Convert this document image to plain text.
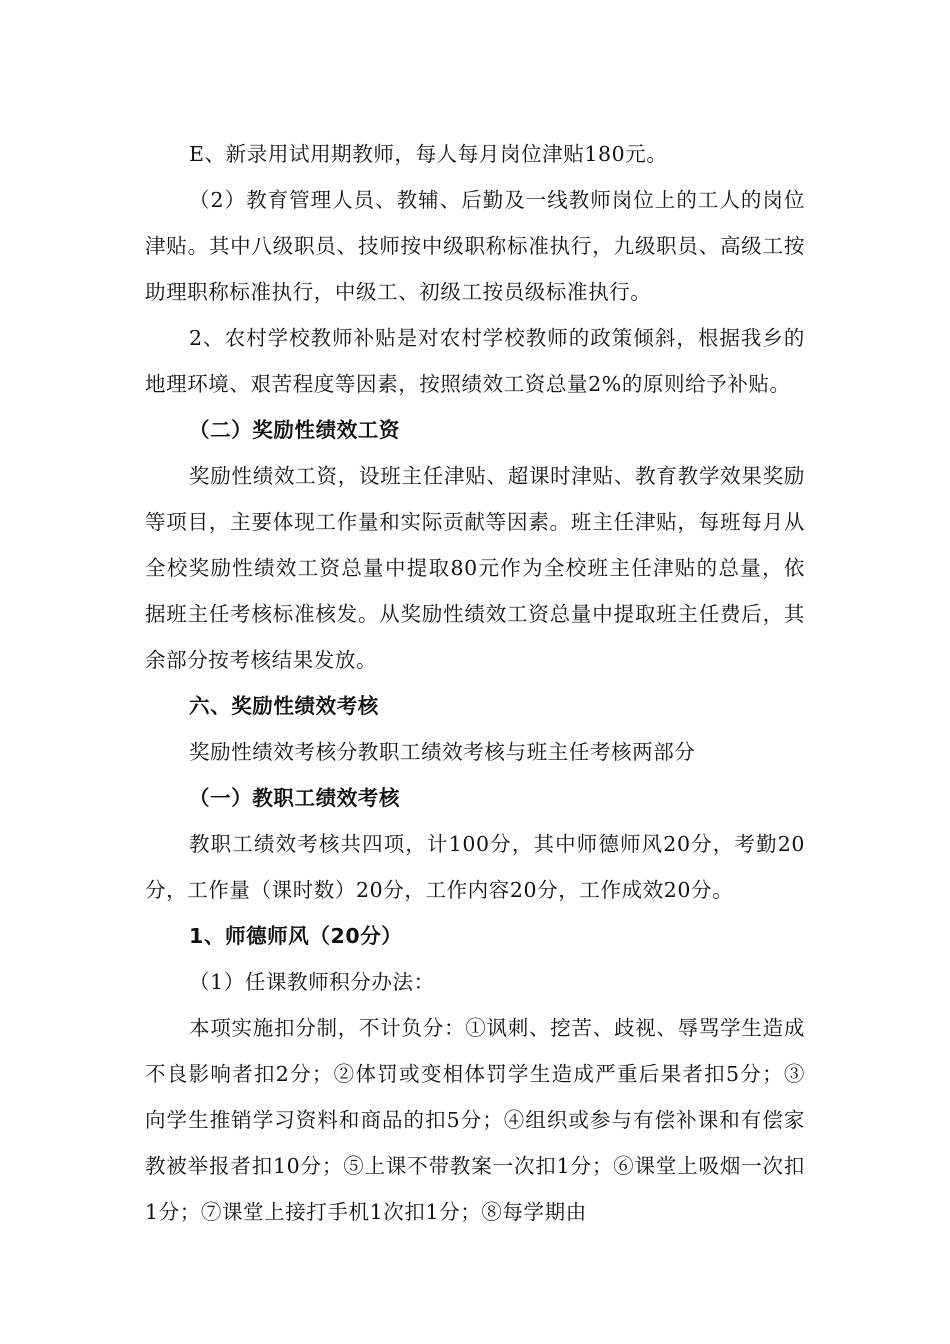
E、新录用试用期教师，每人每月岗位津贴180元。

（2）教育管理人员、教辅、后勤及一线教师岗位上的工人的岗位津贴。其中八级职员、技师按中级职称标准执行，九级职员、高级工按助理职称标准执行，中级工、初级工按员级标准执行。

2、农村学校教师补贴是对农村学校教师的政策倾斜，根据我乡的地理环境、艰苦程度等因素，按照绩效工资总量2%的原则给予补贴。

（二）奖励性绩效工资

奖励性绩效工资，设班主任津贴、超课时津贴、教育教学效果奖励等项目，主要体现工作量和实际贡献等因素。班主任津贴，每班每月从全校奖励性绩效工资总量中提取80元作为全校班主任津贴的总量，依据班主任考核标准核发。从奖励性绩效工资总量中提取班主任费后，其余部分按考核结果发放。

六、奖励性绩效考核

奖励性绩效考核分教职工绩效考核与班主任考核两部分

（一）教职工绩效考核

教职工绩效考核共四项，计100分，其中师德师风20分，考勤20分，工作量（课时数）20分，工作内容20分，工作成效20分。

1、师德师风（20分）

（1）任课教师积分办法：

本项实施扣分制，不计负分：①讽刺、挖苦、歧视、辱骂学生造成不良影响者扣2分；②体罚或变相体罚学生造成严重后果者扣5分；③向学生推销学习资料和商品的扣5分；④组织或参与有偿补课和有偿家教被举报者扣10分；⑤上课不带教案一次扣1分；⑥课堂上吸烟一次扣1分；⑦课堂上接打手机1次扣1分；⑧每学期由
